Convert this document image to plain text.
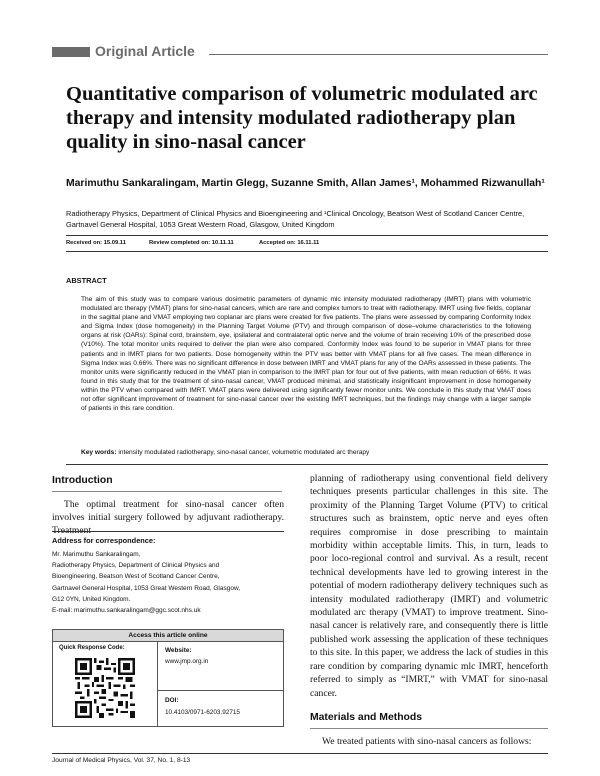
Original Article
Quantitative comparison of volumetric modulated arc therapy and intensity modulated radiotherapy plan quality in sino-nasal cancer
Marimuthu Sankaralingam, Martin Glegg, Suzanne Smith, Allan James¹, Mohammed Rizwanullah¹
Radiotherapy Physics, Department of Clinical Physics and Bioengineering and ¹Clinical Oncology, Beatson West of Scotland Cancer Centre, Gartnavel General Hospital, 1053 Great Western Road, Glasgow, United Kingdom
Received on: 15.09.11	Review completed on: 10.11.11	Accepted on: 16.11.11
ABSTRACT

The aim of this study was to compare various dosimetric parameters of dynamic mlc intensity modulated radiotherapy (IMRT) plans with volumetric modulated arc therapy (VMAT) plans for sino-nasal cancers, which are rare and complex tumors to treat with radiotherapy. IMRT using five fields, coplanar in the sagittal plane and VMAT employing two coplanar arc plans were created for five patients. The plans were assessed by comparing Conformity Index and Sigma Index (dose homogeneity) in the Planning Target Volume (PTV) and through comparison of dose–volume characteristics to the following organs at risk (OARs): Spinal cord, brainstem, eye, ipsilateral and contralateral optic nerve and the volume of brain receiving 10% of the prescribed dose (V10%). The total monitor units required to deliver the plan were also compared. Conformity Index was found to be superior in VMAT plans for three patients and in IMRT plans for two patients. Dose homogeneity within the PTV was better with VMAT plans for all five cases. The mean difference in Sigma Index was 0.66%. There was no significant difference in dose between IMRT and VMAT plans for any of the OARs assessed in these patients. The monitor units were significantly reduced in the VMAT plan in comparison to the IMRT plan for four out of five patients, with mean reduction of 66%. It was found in this study that for the treatment of sino-nasal cancer, VMAT produced minimal, and statistically insignificant improvement in dose homogeneity within the PTV when compared with IMRT. VMAT plans were delivered using significantly fewer monitor units. We conclude in this study that VMAT does not offer significant improvement of treatment for sino-nasal cancer over the existing IMRT techniques, but the findings may change with a larger sample of patients in this rare condition.

Key words: intensity modulated radiotherapy, sino-nasal cancer, volumetric modulated arc therapy
Introduction

The optimal treatment for sino-nasal cancer often involves initial surgery followed by adjuvant radiotherapy.

Address for correspondence:
Mr. Marimuthu Sankaralingam,
Radiotherapy Physics, Department of Clinical Physics and
Bioengineering, Beatson West of Scotland Cancer Centre,
Gartnavel General Hospital, 1053 Great Western Road, Glasgow,
G12 0YN, United Kingdom.
E-mail: marimuthu.sankaralingam@ggc.scot.nhs.uk
Access this article online
Quick Response Code:	Website:
www.jmp.org.in
DOI:
10.4103/0971-6203.92715

planning of radiotherapy using conventional field delivery techniques presents particular challenges in this site. The proximity of the Planning Target Volume (PTV) to critical structures such as brainstem, optic nerve and eyes often requires compromise in dose prescribing to maintain morbidity within acceptable limits. This, in turn, leads to poor loco-regional control and survival. As a result, recent technical developments have led to growing interest in the potential of modern radiotherapy delivery techniques such as intensity modulated radiotherapy (IMRT) and volumetric modulated arc therapy (VMAT) to improve treatment. Sino-nasal cancer is relatively rare, and consequently there is little published work assessing the application of these techniques to this site. In this paper, we address the lack of studies in this rare condition by comparing dynamic mlc IMRT, henceforth referred to simply as “IMRT,” with VMAT for sino-nasal cancer.

Materials and Methods

We treated patients with sino-nasal cancers as follows:

Journal of Medical Physics, Vol. 37, No. 1, 8-13
